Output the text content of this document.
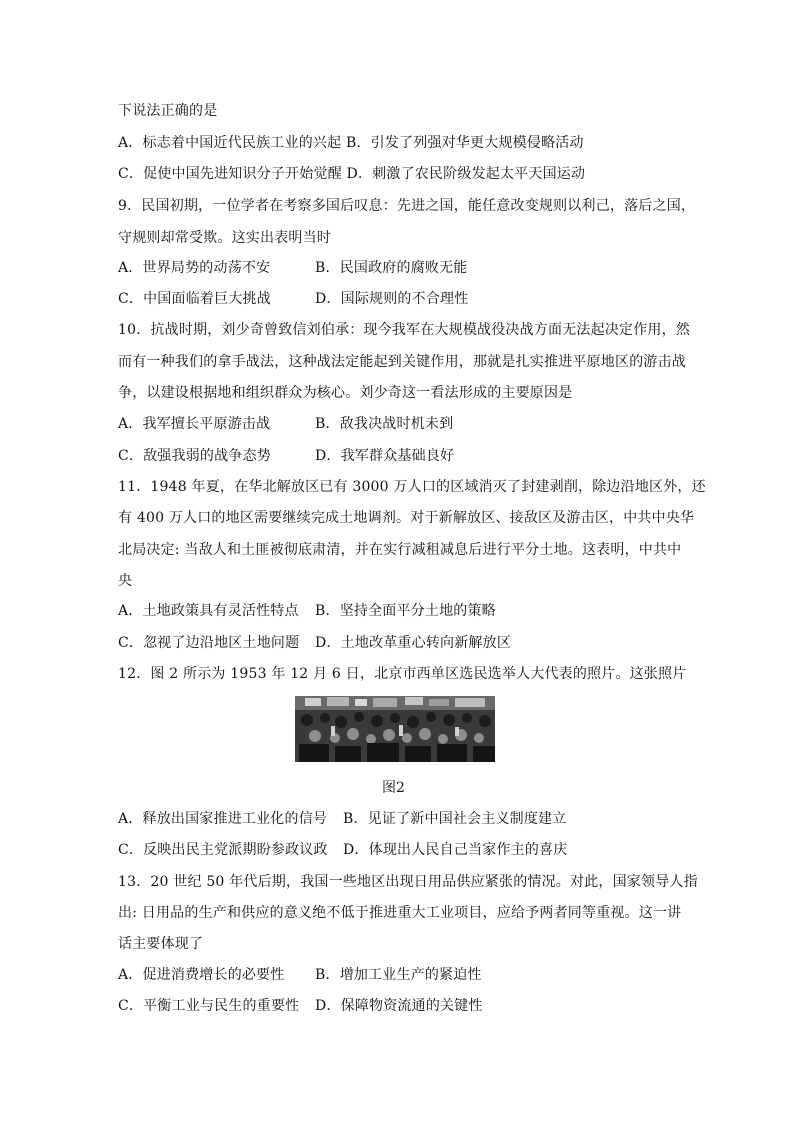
下说法正确的是
A．标志着中国近代民族工业的兴起 B．引发了列强对华更大规模侵略活动
C．促使中国先进知识分子开始觉醒 D．刺激了农民阶级发起太平天国运动
9．民国初期，一位学者在考察多国后叹息：先进之国，能任意改变规则以利己，落后之国，
守规则却常受欺。这实出表明当时
A．世界局势的动荡不安	B．民国政府的腐败无能
C．中国面临着巨大挑战	D．国际规则的不合理性
10．抗战时期，刘少奇曾致信刘伯承：现今我军在大规模战役决战方面无法起决定作用，然
而有一种我们的拿手战法，这种战法定能起到关键作用，那就是扎实推进平原地区的游击战
争，以建设根据地和组织群众为核心。刘少奇这一看法形成的主要原因是
A．我军擅长平原游击战	B．敌我决战时机未到
C．敌强我弱的战争态势	D．我军群众基础良好
11．1948 年夏，在华北解放区已有 3000 万人口的区域消灭了封建剥削，除边沿地区外，还
有 400 万人口的地区需要继续完成土地调剂。对于新解放区、接敌区及游击区，中共中央华
北局决定: 当敌人和土匪被彻底肃清，并在实行减租减息后进行平分土地。这表明，中共中
央
A．土地政策具有灵活性特点 B．坚持全面平分土地的策略
C．忽视了边沿地区土地问题 D．土地改革重心转向新解放区
12．图 2 所示为 1953 年 12 月 6 日，北京市西单区选民选举人大代表的照片。这张照片
图2
A．释放出国家推进工业化的信号 B．见证了新中国社会主义制度建立
C．反映出民主党派期盼参政议政 D．体现出人民自己当家作主的喜庆
13．20 世纪 50 年代后期，我国一些地区出现日用品供应紧张的情况。对此，国家领导人指
出: 日用品的生产和供应的意义绝不低于推进重大工业项目，应给予两者同等重视。这一讲
话主要体现了
A．促进消费增长的必要性 B．增加工业生产的紧迫性
C．平衡工业与民生的重要性 D．保障物资流通的关键性
